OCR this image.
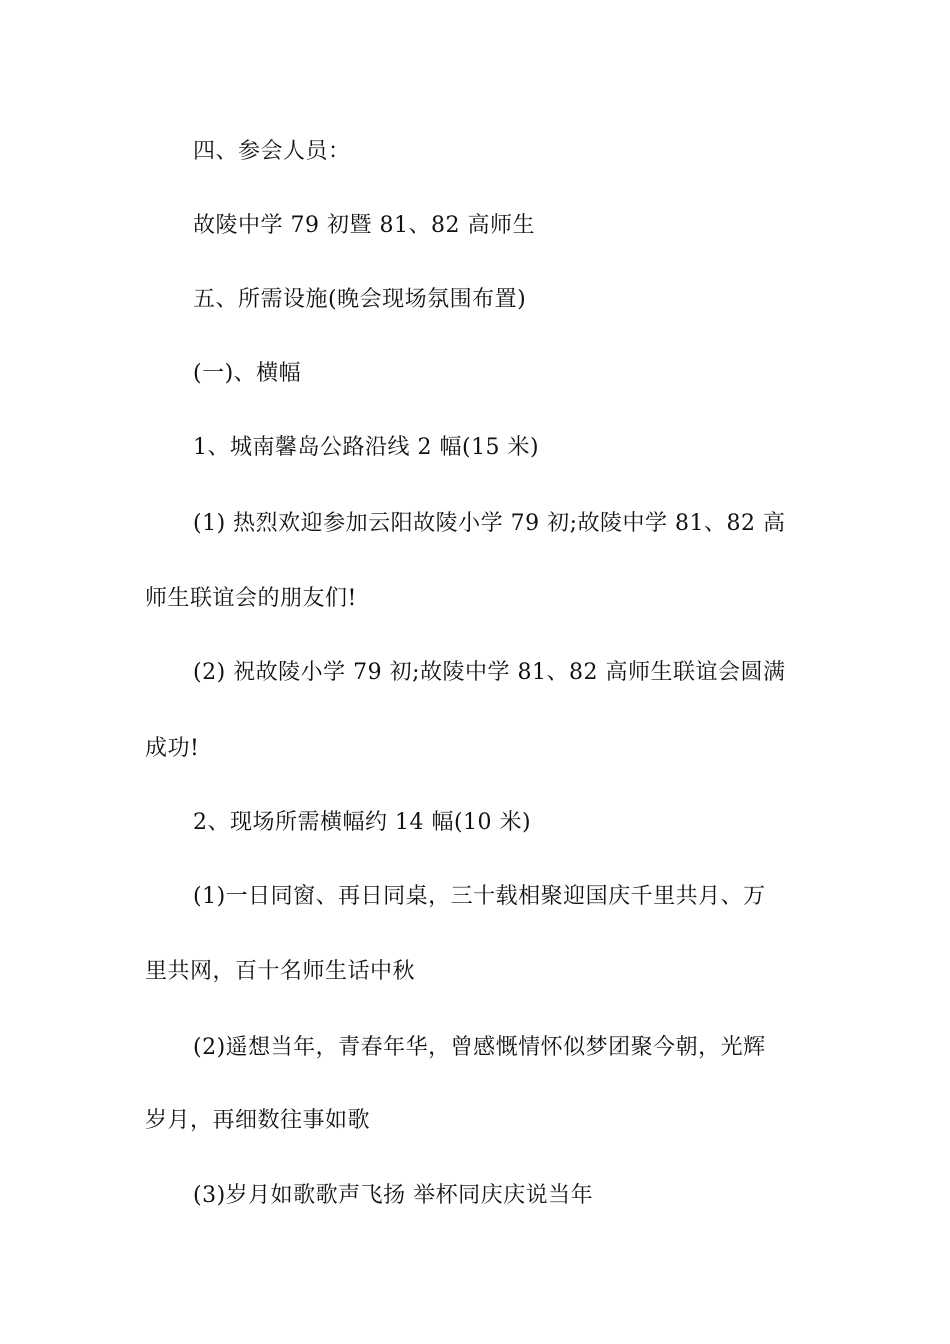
四、参会人员：

故陵中学 79 初暨 81、82 高师生

五、所需设施(晚会现场氛围布置)

(一)、横幅

1、城南馨岛公路沿线 2 幅(15 米)

(1) 热烈欢迎参加云阳故陵小学 79 初;故陵中学 81、82 高

师生联谊会的朋友们!

(2) 祝故陵小学 79 初;故陵中学 81、82 高师生联谊会圆满

成功!

2、现场所需横幅约 14 幅(10 米)

(1)一日同窗、再日同桌，三十载相聚迎国庆千里共月、万

里共网，百十名师生话中秋

(2)遥想当年，青春年华，曾感慨情怀似梦团聚今朝，光辉

岁月，再细数往事如歌

(3)岁月如歌歌声飞扬 举杯同庆庆说当年
